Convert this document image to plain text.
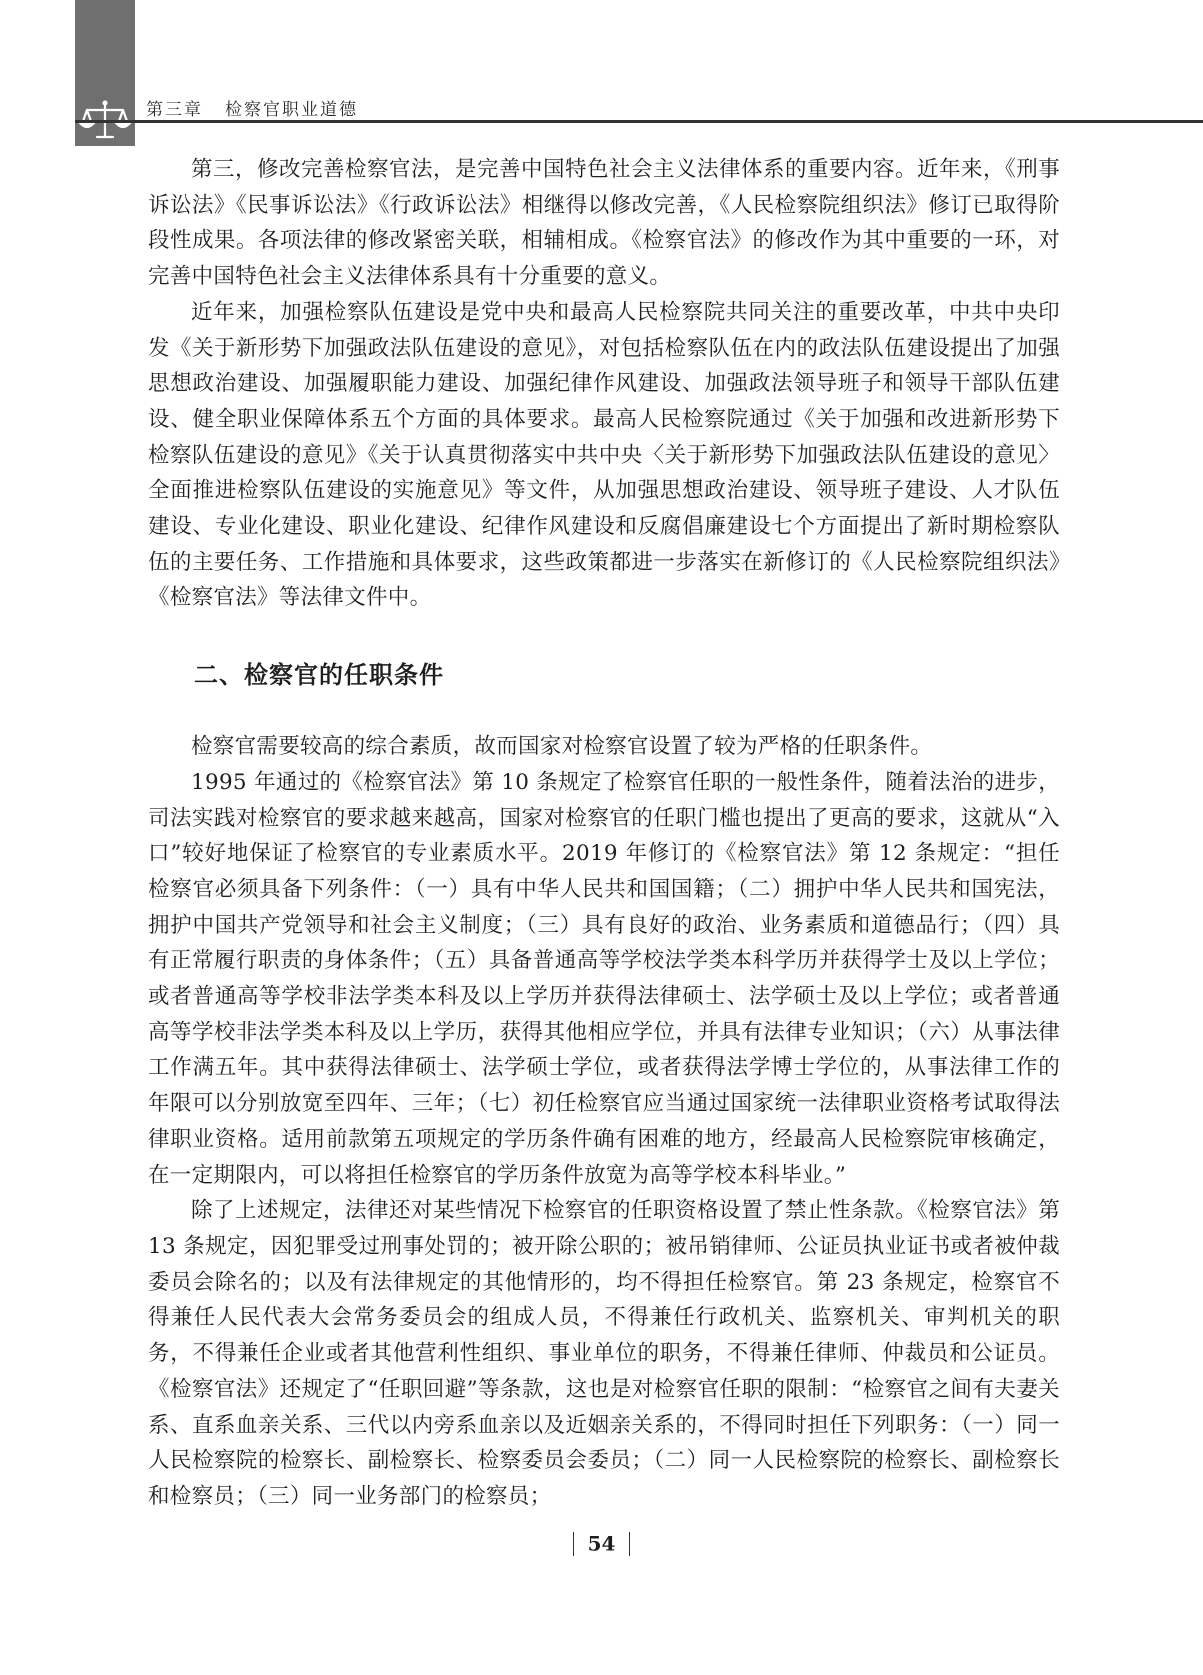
第三章 检察官职业道德

第三，修改完善检察官法，是完善中国特色社会主义法律体系的重要内容。近年来，《刑事诉讼法》《民事诉讼法》《行政诉讼法》相继得以修改完善，《人民检察院组织法》修订已取得阶段性成果。各项法律的修改紧密关联，相辅相成。《检察官法》的修改作为其中重要的一环，对完善中国特色社会主义法律体系具有十分重要的意义。

近年来，加强检察队伍建设是党中央和最高人民检察院共同关注的重要改革，中共中央印发《关于新形势下加强政法队伍建设的意见》，对包括检察队伍在内的政法队伍建设提出了加强思想政治建设、加强履职能力建设、加强纪律作风建设、加强政法领导班子和领导干部队伍建设、健全职业保障体系五个方面的具体要求。最高人民检察院通过《关于加强和改进新形势下检察队伍建设的意见》《关于认真贯彻落实中共中央〈关于新形势下加强政法队伍建设的意见〉全面推进检察队伍建设的实施意见》等文件，从加强思想政治建设、领导班子建设、人才队伍建设、专业化建设、职业化建设、纪律作风建设和反腐倡廉建设七个方面提出了新时期检察队伍的主要任务、工作措施和具体要求，这些政策都进一步落实在新修订的《人民检察院组织法》《检察官法》等法律文件中。

二、检察官的任职条件

检察官需要较高的综合素质，故而国家对检察官设置了较为严格的任职条件。

1995 年通过的《检察官法》第 10 条规定了检察官任职的一般性条件，随着法治的进步，司法实践对检察官的要求越来越高，国家对检察官的任职门槛也提出了更高的要求，这就从“入口”较好地保证了检察官的专业素质水平。2019 年修订的《检察官法》第 12 条规定：“担任检察官必须具备下列条件：（一）具有中华人民共和国国籍；（二）拥护中华人民共和国宪法，拥护中国共产党领导和社会主义制度；（三）具有良好的政治、业务素质和道德品行；（四）具有正常履行职责的身体条件；（五）具备普通高等学校法学类本科学历并获得学士及以上学位；或者普通高等学校非法学类本科及以上学历并获得法律硕士、法学硕士及以上学位；或者普通高等学校非法学类本科及以上学历，获得其他相应学位，并具有法律专业知识；（六）从事法律工作满五年。其中获得法律硕士、法学硕士学位，或者获得法学博士学位的，从事法律工作的年限可以分别放宽至四年、三年；（七）初任检察官应当通过国家统一法律职业资格考试取得法律职业资格。适用前款第五项规定的学历条件确有困难的地方，经最高人民检察院审核确定，在一定期限内，可以将担任检察官的学历条件放宽为高等学校本科毕业。”

除了上述规定，法律还对某些情况下检察官的任职资格设置了禁止性条款。《检察官法》第 13 条规定，因犯罪受过刑事处罚的；被开除公职的；被吊销律师、公证员执业证书或者被仲裁委员会除名的；以及有法律规定的其他情形的，均不得担任检察官。第 23 条规定，检察官不得兼任人民代表大会常务委员会的组成人员，不得兼任行政机关、监察机关、审判机关的职务，不得兼任企业或者其他营利性组织、事业单位的职务，不得兼任律师、仲裁员和公证员。《检察官法》还规定了“任职回避”等条款，这也是对检察官任职的限制：“检察官之间有夫妻关系、直系血亲关系、三代以内旁系血亲以及近姻亲关系的，不得同时担任下列职务：（一）同一人民检察院的检察长、副检察长、检察委员会委员；（二）同一人民检察院的检察长、副检察长和检察员；（三）同一业务部门的检察员；

54
